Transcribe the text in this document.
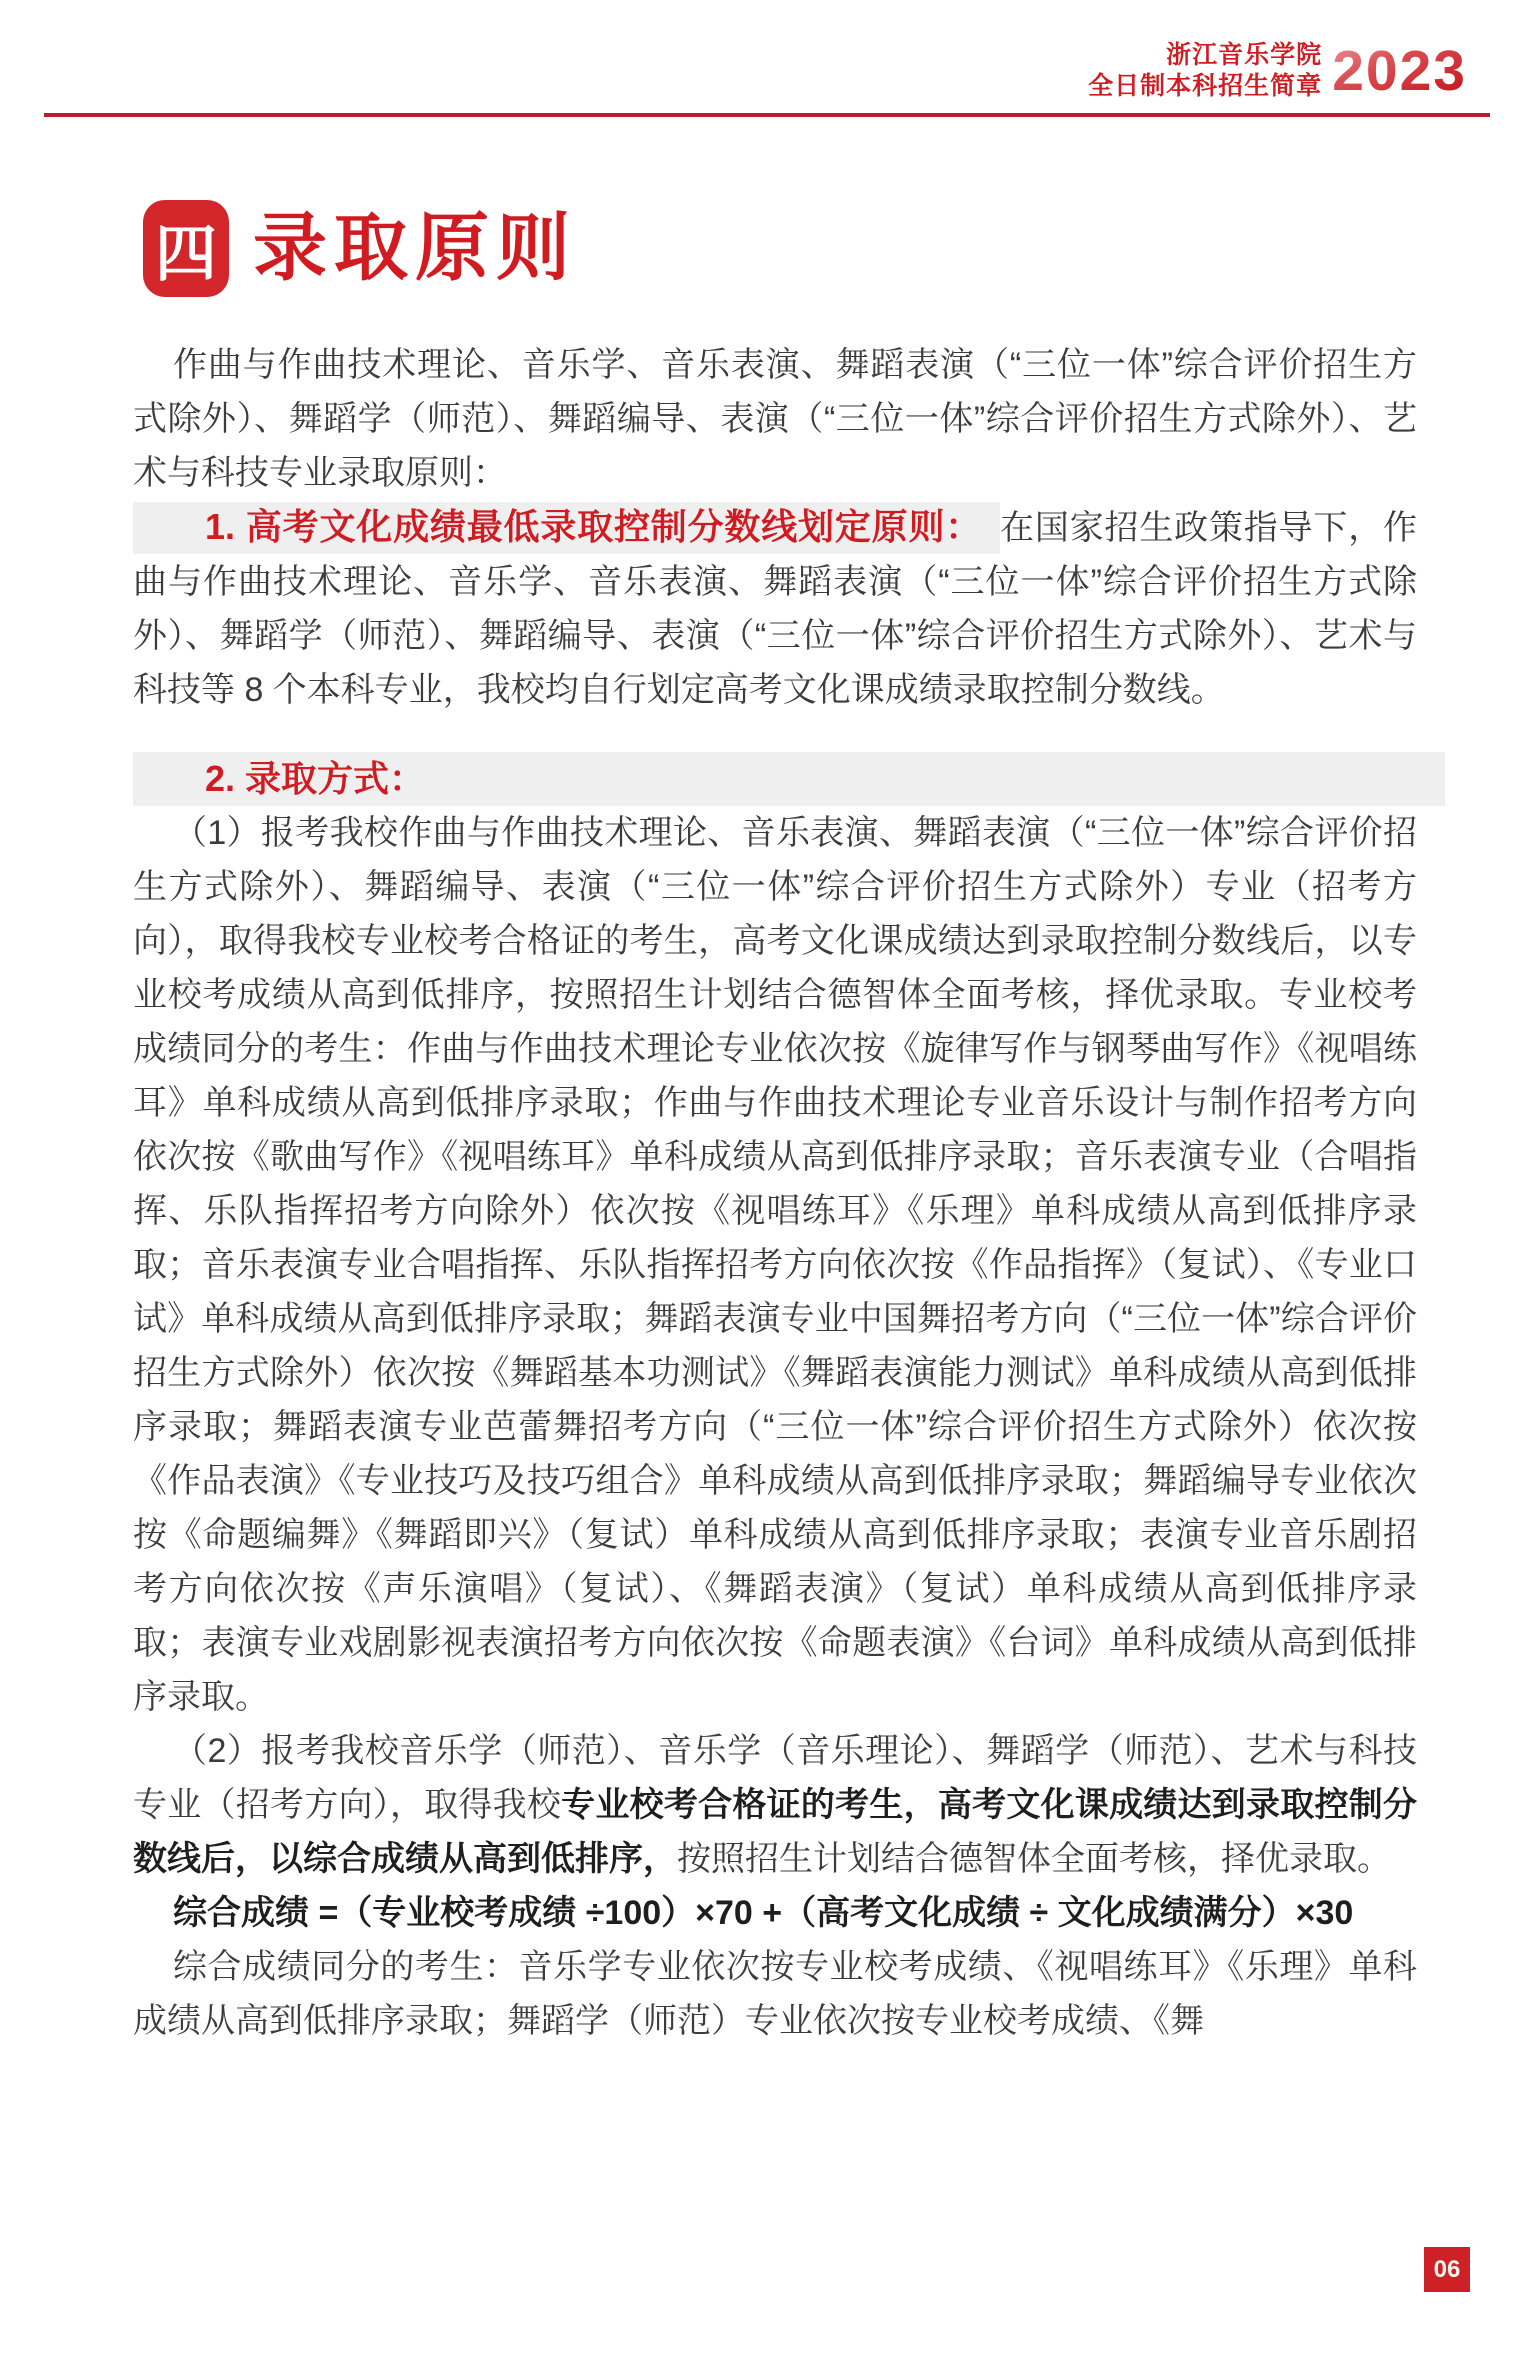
浙江音乐学院
全日制本科招生简章 2023
四 录取原则

作曲与作曲技术理论、音乐学、音乐表演、舞蹈表演（“三位一体”综合评价招生方式除外）、舞蹈学（师范）、舞蹈编导、表演（“三位一体”综合评价招生方式除外）、艺术与科技专业录取原则：

1. 高考文化成绩最低录取控制分数线划定原则： 在国家招生政策指导下，作曲与作曲技术理论、音乐学、音乐表演、舞蹈表演（“三位一体”综合评价招生方式除外）、舞蹈学（师范）、舞蹈编导、表演（“三位一体”综合评价招生方式除外）、艺术与科技等 8 个本科专业，我校均自行划定高考文化课成绩录取控制分数线。

2. 录取方式：

（1）报考我校作曲与作曲技术理论、音乐表演、舞蹈表演（“三位一体”综合评价招生方式除外）、舞蹈编导、表演（“三位一体”综合评价招生方式除外）专业（招考方向），取得我校专业校考合格证的考生，高考文化课成绩达到录取控制分数线后，以专业校考成绩从高到低排序，按照招生计划结合德智体全面考核，择优录取。专业校考成绩同分的考生：作曲与作曲技术理论专业依次按《旋律写作与钢琴曲写作》《视唱练耳》单科成绩从高到低排序录取；作曲与作曲技术理论专业音乐设计与制作招考方向依次按《歌曲写作》《视唱练耳》单科成绩从高到低排序录取；音乐表演专业（合唱指挥、乐队指挥招考方向除外）依次按《视唱练耳》《乐理》单科成绩从高到低排序录取；音乐表演专业合唱指挥、乐队指挥招考方向依次按《作品指挥》（复试）、《专业口试》单科成绩从高到低排序录取；舞蹈表演专业中国舞招考方向（“三位一体”综合评价招生方式除外）依次按《舞蹈基本功测试》《舞蹈表演能力测试》单科成绩从高到低排序录取；舞蹈表演专业芭蕾舞招考方向（“三位一体”综合评价招生方式除外）依次按《作品表演》《专业技巧及技巧组合》单科成绩从高到低排序录取；舞蹈编导专业依次按《命题编舞》《舞蹈即兴》（复试）单科成绩从高到低排序录取；表演专业音乐剧招考方向依次按《声乐演唱》（复试）、《舞蹈表演》（复试）单科成绩从高到低排序录取；表演专业戏剧影视表演招考方向依次按《命题表演》《台词》单科成绩从高到低排序录取。

（2）报考我校音乐学（师范）、音乐学（音乐理论）、舞蹈学（师范）、艺术与科技专业（招考方向），取得我校专业校考合格证的考生，高考文化课成绩达到录取控制分数线后，以综合成绩从高到低排序，按照招生计划结合德智体全面考核，择优录取。

综合成绩 =（专业校考成绩 ÷100）×70 +（高考文化成绩 ÷ 文化成绩满分）×30

综合成绩同分的考生：音乐学专业依次按专业校考成绩、《视唱练耳》《乐理》单科成绩从高到低排序录取；舞蹈学（师范）专业依次按专业校考成绩、《舞

06
